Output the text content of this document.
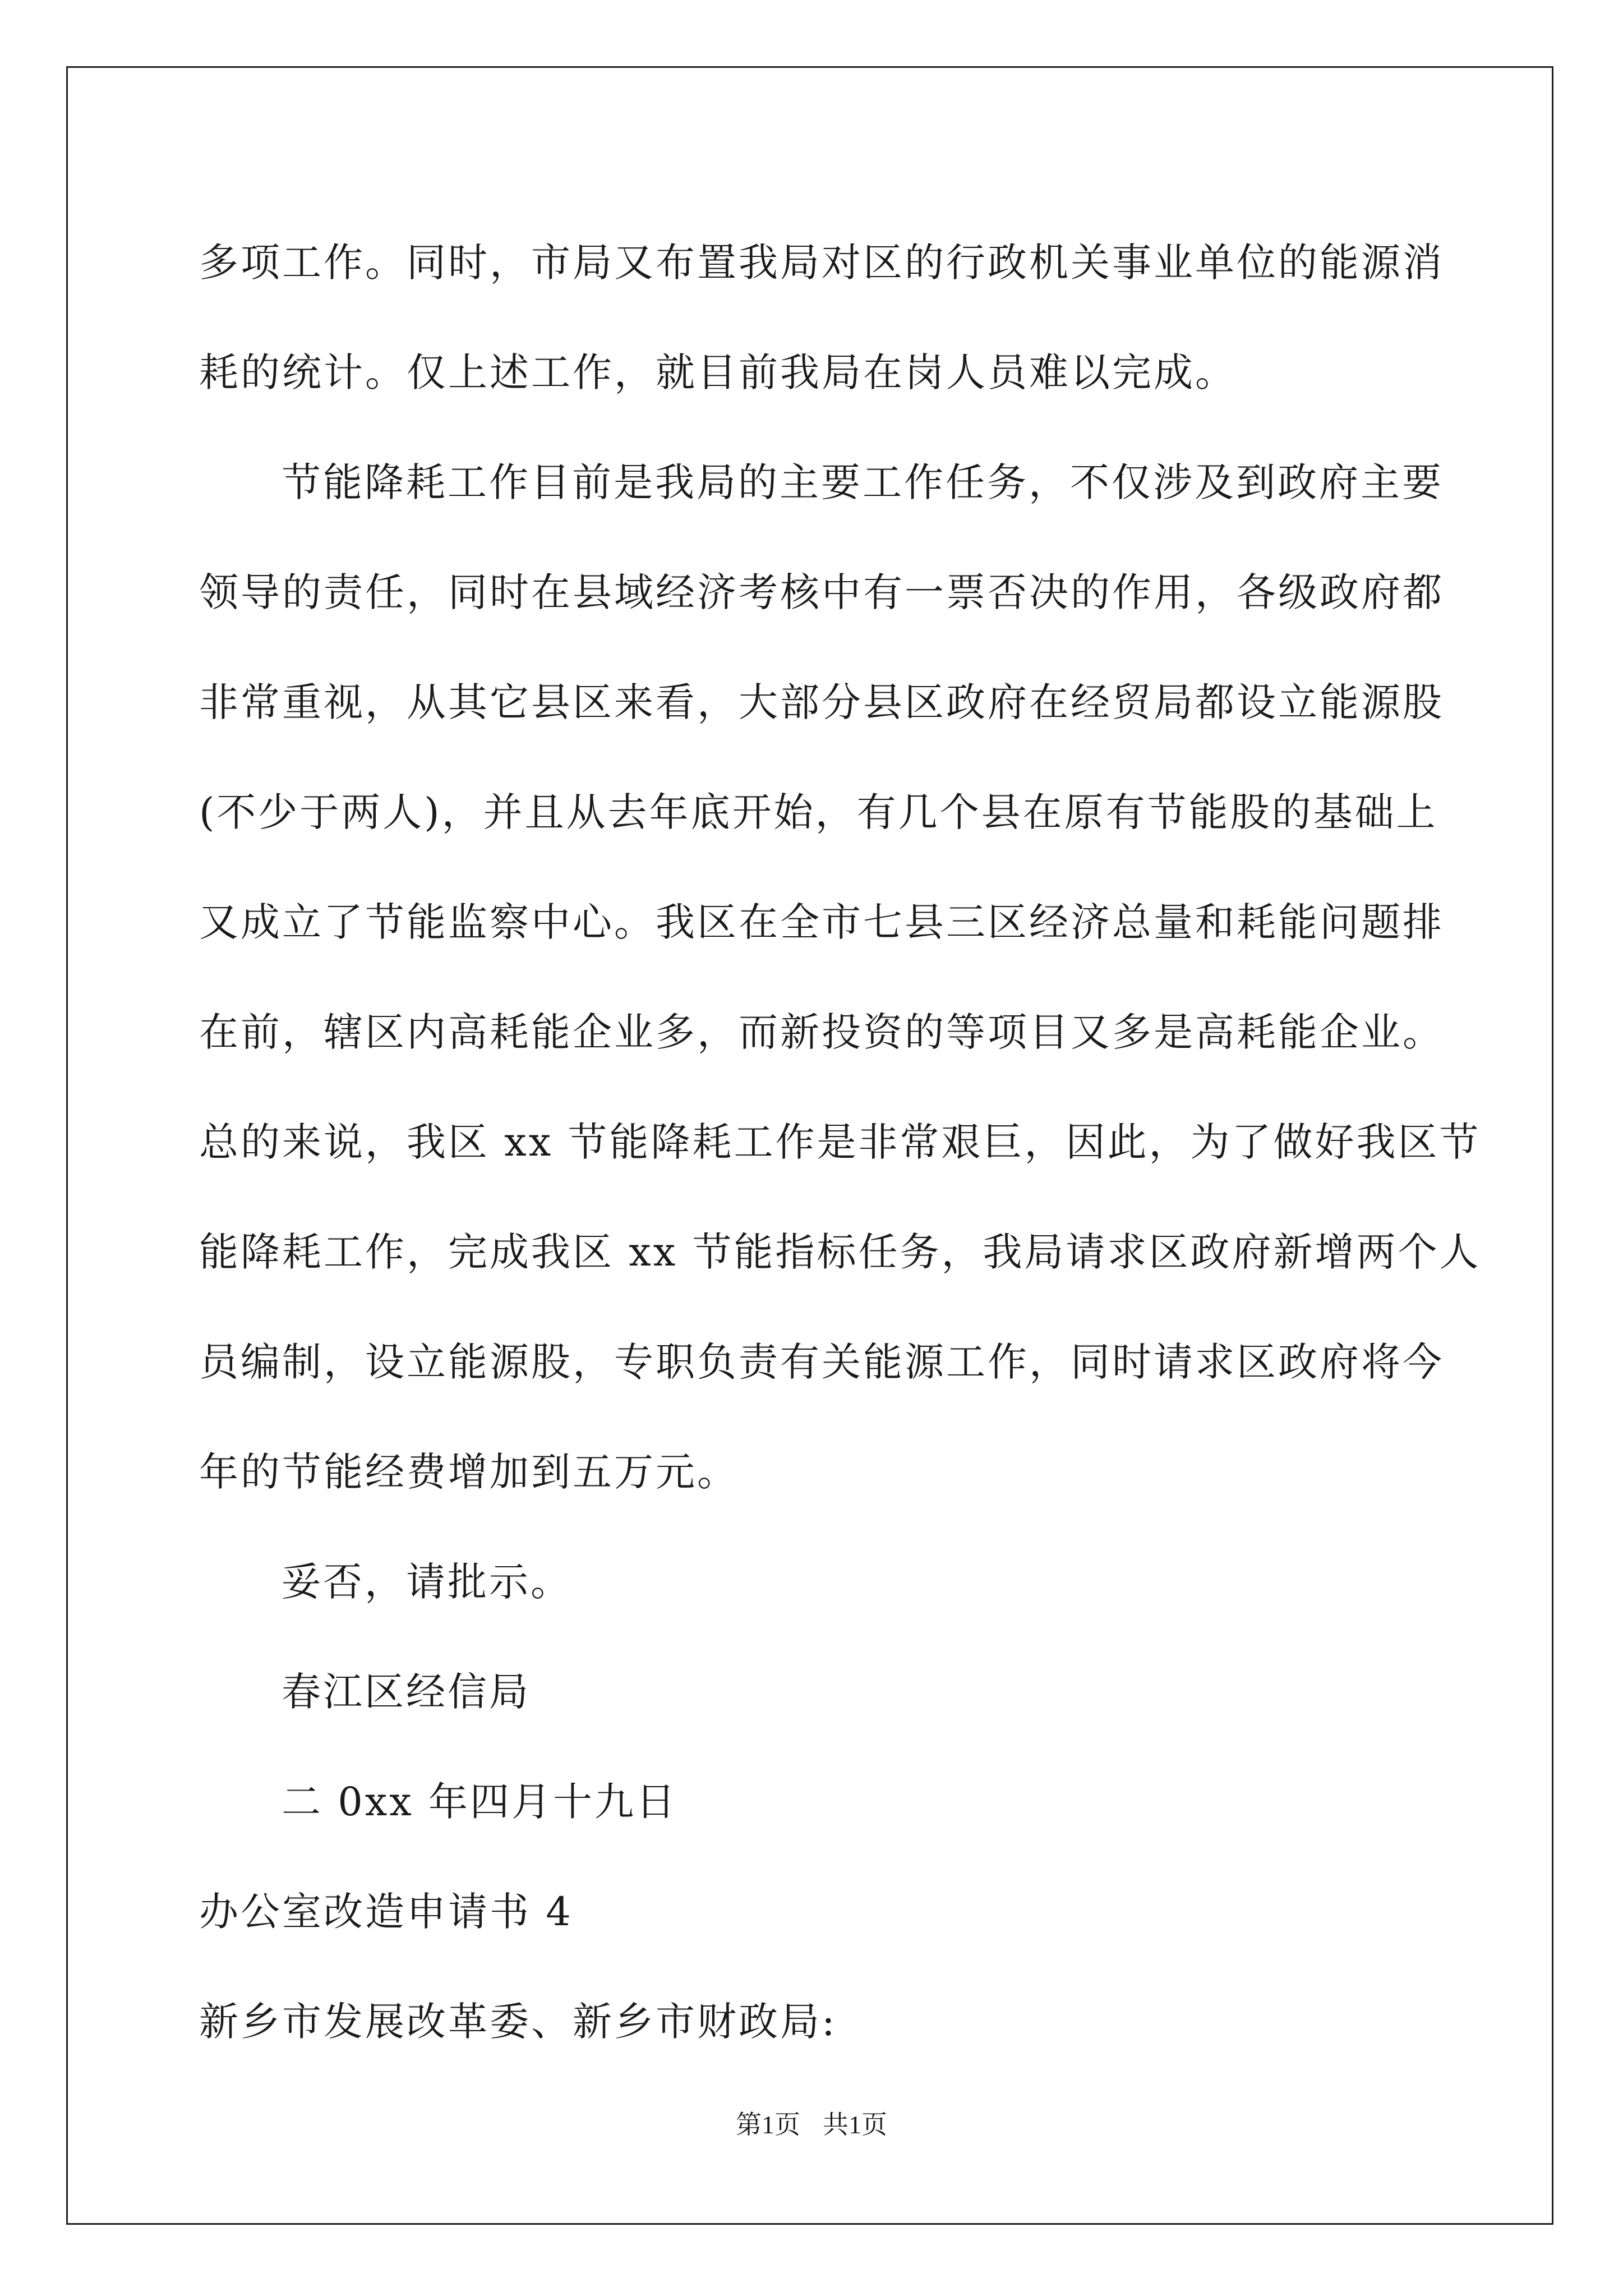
多项工作。同时，市局又布置我局对区的行政机关事业单位的能源消
耗的统计。仅上述工作，就目前我局在岗人员难以完成。
节能降耗工作目前是我局的主要工作任务，不仅涉及到政府主要
领导的责任，同时在县域经济考核中有一票否决的作用，各级政府都
非常重视，从其它县区来看，大部分县区政府在经贸局都设立能源股
(不少于两人)，并且从去年底开始，有几个县在原有节能股的基础上
又成立了节能监察中心。我区在全市七县三区经济总量和耗能问题排
在前，辖区内高耗能企业多，而新投资的等项目又多是高耗能企业。
总的来说，我区 xx 节能降耗工作是非常艰巨，因此，为了做好我区节
能降耗工作，完成我区 xx 节能指标任务，我局请求区政府新增两个人
员编制，设立能源股，专职负责有关能源工作，同时请求区政府将今
年的节能经费增加到五万元。
妥否，请批示。
春江区经信局
二 0xx 年四月十九日
办公室改造申请书 4
新乡市发展改革委、新乡市财政局:
第1页 共1页
